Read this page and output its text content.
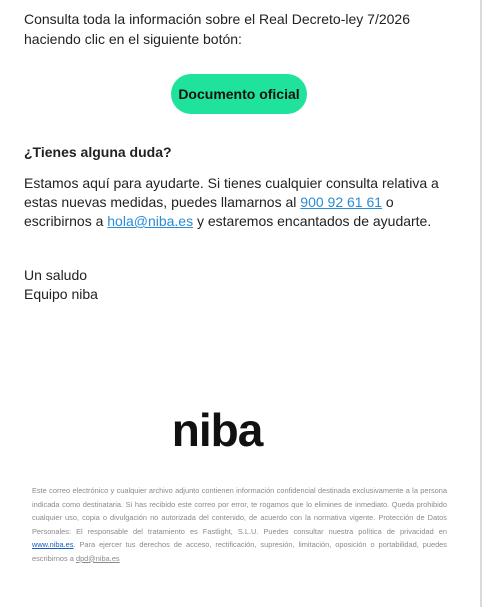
Consulta toda la información sobre el Real Decreto-ley 7/2026 haciendo clic en el siguiente botón:

Documento oficial

¿Tienes alguna duda?

Estamos aquí para ayudarte. Si tienes cualquier consulta relativa a estas nuevas medidas, puedes llamarnos al 900 92 61 61 o escribirnos a hola@niba.es y estaremos encantados de ayudarte.

Un saludo
Equipo niba

niba

Este correo electrónico y cualquier archivo adjunto contienen información confidencial destinada exclusivamente a la persona indicada como destinataria. Si has recibido este correo por error, te rogamos que lo elimines de inmediato. Queda prohibido cualquier uso, copia o divulgación no autorizada del contenido, de acuerdo con la normativa vigente. Protección de Datos Personales: El responsable del tratamiento es Fastlight, S.L.U. Puedes consultar nuestra política de privacidad en www.niba.es. Para ejercer tus derechos de acceso, rectificación, supresión, limitación, oposición o portabilidad, puedes escribirnos a dpd@niba.es
